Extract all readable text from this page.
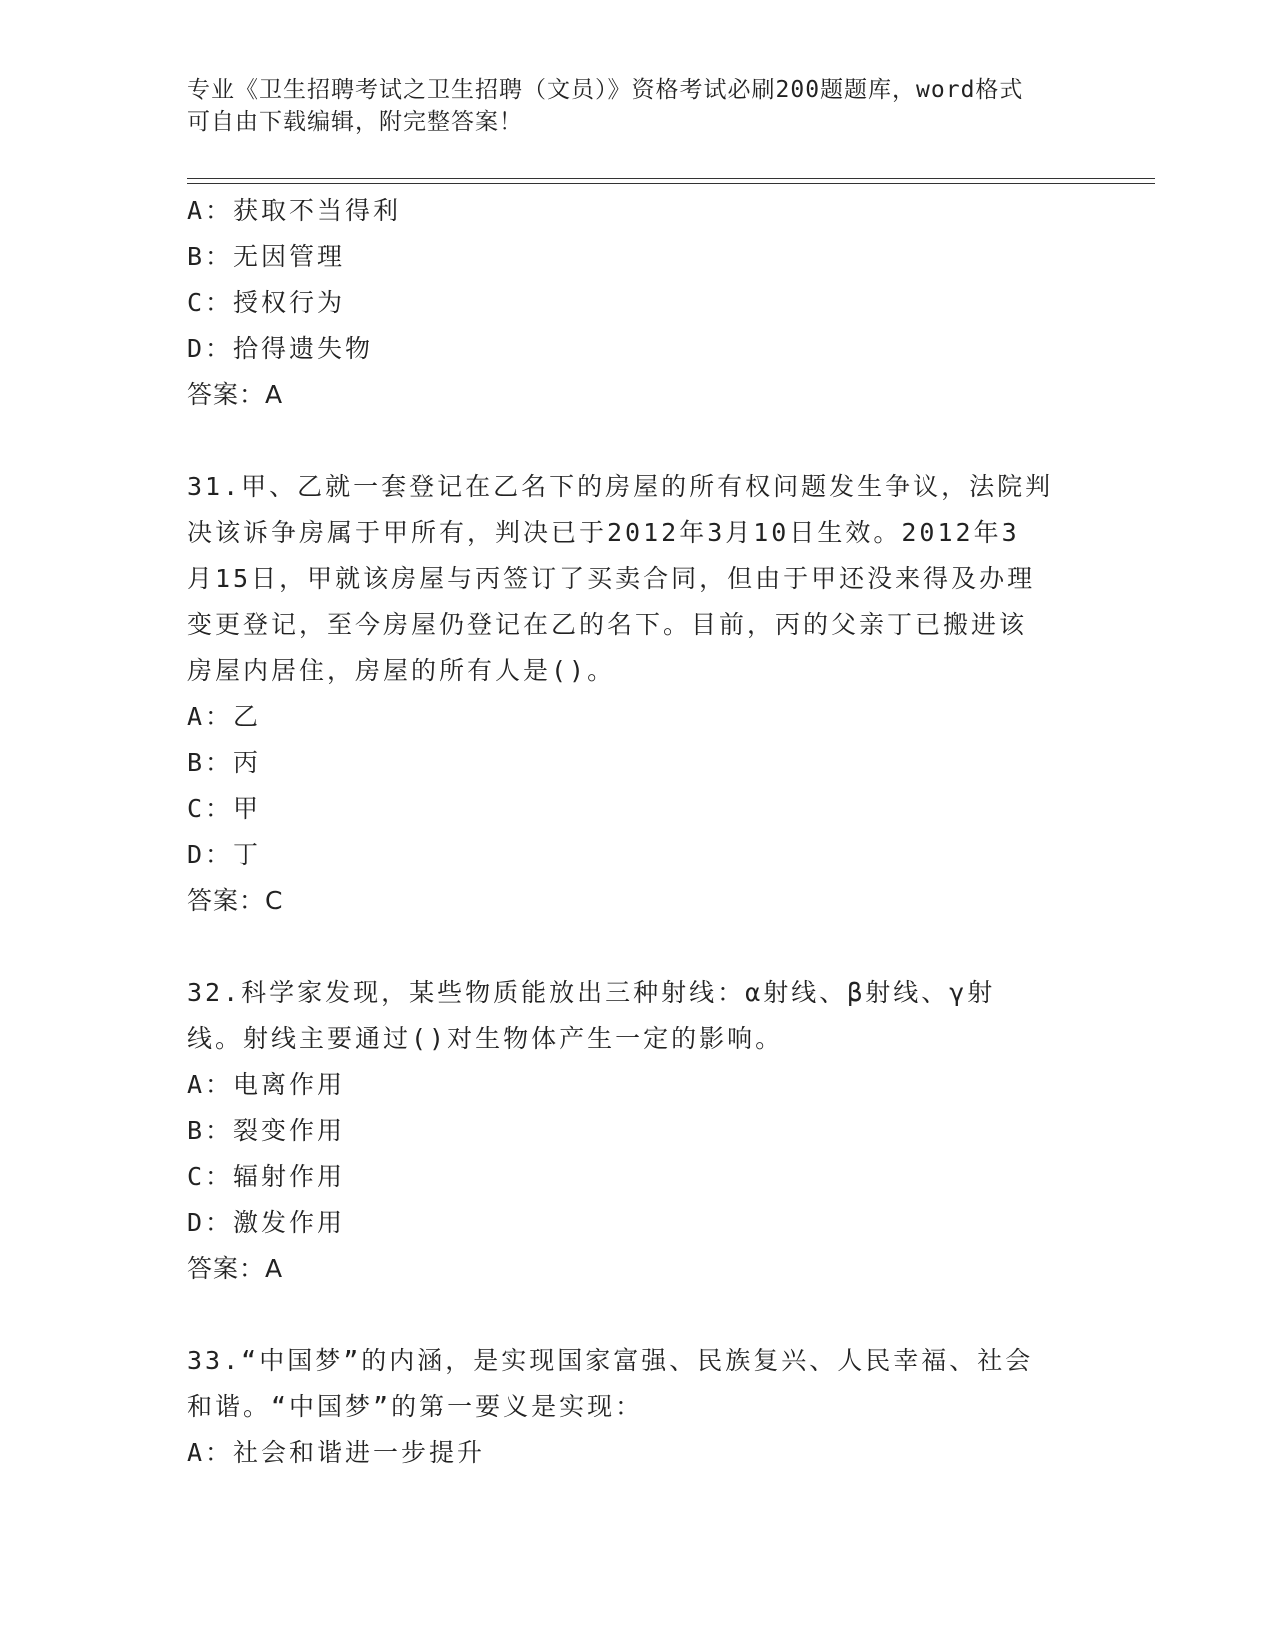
专业《卫生招聘考试之卫生招聘（文员）》资格考试必刷200题题库，word格式
可自由下载编辑，附完整答案！
A：获取不当得利
B：无因管理
C：授权行为
D：拾得遗失物
答案：A
31.甲、乙就一套登记在乙名下的房屋的所有权问题发生争议，法院判
决该诉争房属于甲所有，判决已于2012年3月10日生效。2012年3
月15日，甲就该房屋与丙签订了买卖合同，但由于甲还没来得及办理
变更登记，至今房屋仍登记在乙的名下。目前，丙的父亲丁已搬进该
房屋内居住，房屋的所有人是()。
A：乙
B：丙
C：甲
D：丁
答案：C
32.科学家发现，某些物质能放出三种射线：α射线、β射线、γ射
线。射线主要通过()对生物体产生一定的影响。
A：电离作用
B：裂变作用
C：辐射作用
D：激发作用
答案：A
33.“中国梦”的内涵，是实现国家富强、民族复兴、人民幸福、社会
和谐。“中国梦”的第一要义是实现：
A：社会和谐进一步提升
